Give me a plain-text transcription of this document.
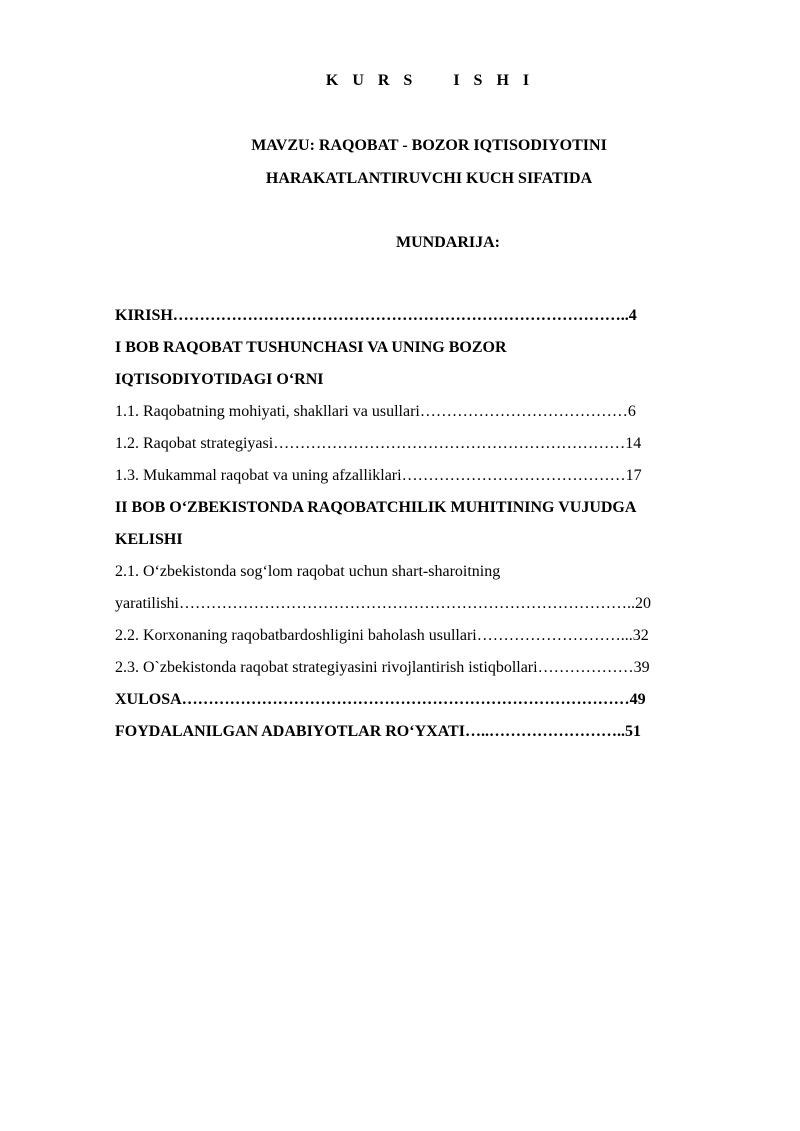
K U R S    I S H I
MAVZU: RAQOBAT - BOZOR IQTISODIYOTINI
HARAKATLANTIRUVCHI KUCH SIFATIDA
MUNDARIJA:
KIRISH…………………………………………………………………………..4
I BOB RAQOBAT TUSHUNCHASI VA UNING BOZOR
IQTISODIYOTIDAGI O‘RNI
1.1. Raqobatning mohiyati, shakllari va usullari…………………………………6
1.2. Raqobat strategiyasi…………………………………………………………14
1.3. Mukammal raqobat va uning afzalliklari……………………………………17
II BOB O‘ZBEKISTONDA RAQOBATCHILIK MUHITINING VUJUDGA
KELISHI
2.1. O‘zbekistonda sog‘lom raqobat uchun shart-sharoitning
yaratilishi…………………………………………………………………………..20
2.2. Korxonaning raqobatbardoshligini baholash usullari………………………...32
2.3. O`zbekistonda raqobat strategiyasini rivojlantirish istiqbollari………………39
XULOSA…………………………………………………………………………49
FOYDALANILGAN ADABIYOTLAR RO‘YXATI…..……………………..51
